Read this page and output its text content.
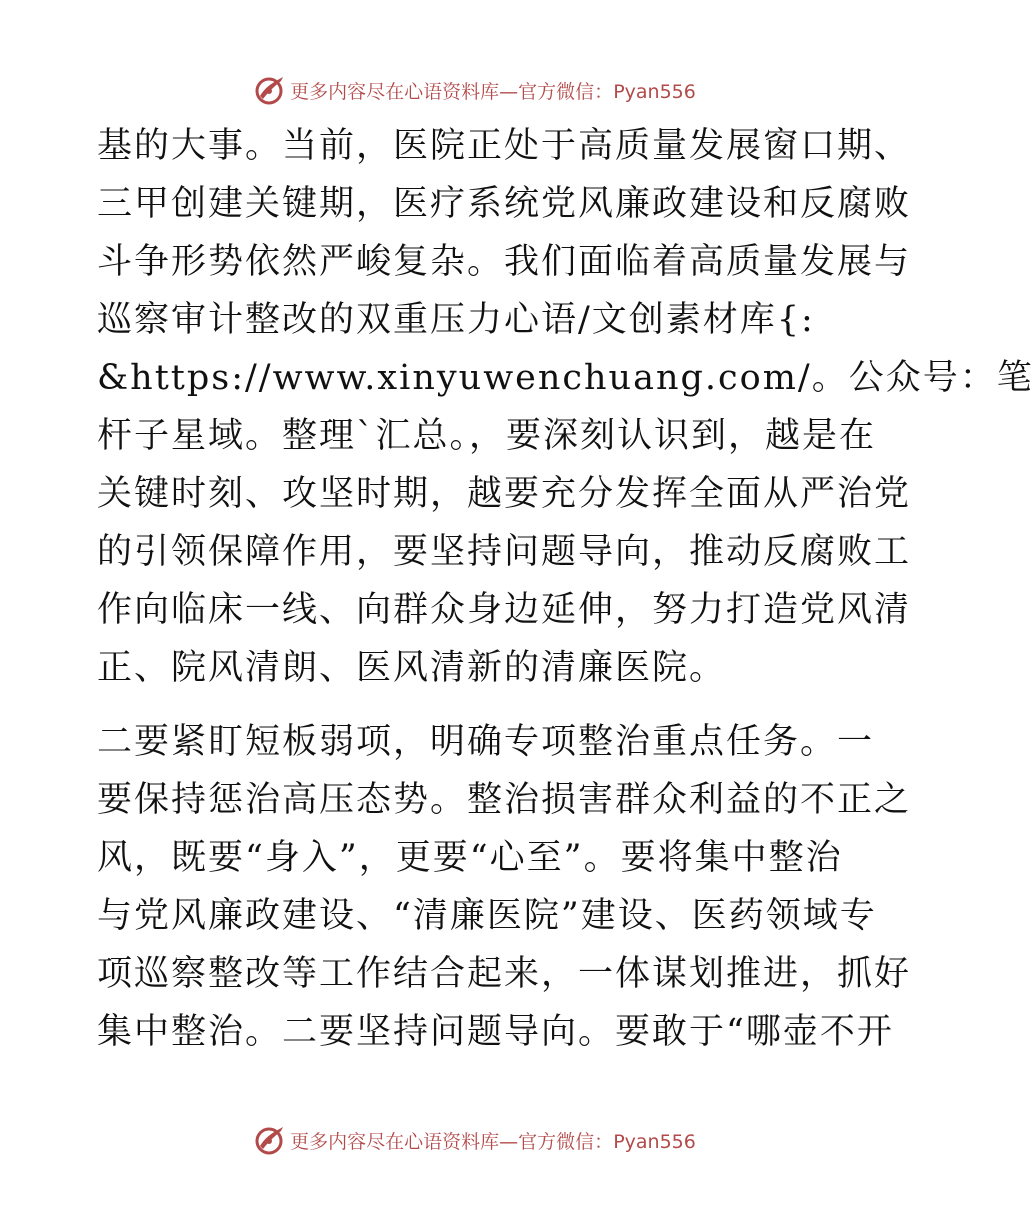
更多内容尽在心语资料库—官方微信：Pyan556
基的大事。当前，医院正处于高质量发展窗口期、
三甲创建关键期，医疗系统党风廉政建设和反腐败
斗争形势依然严峻复杂。我们面临着高质量发展与
巡察审计整改的双重压力心语/文创素材库{:
&https://www.xinyuwenchuang.com/。公众号：笔
杆子星域。整理`汇总。，要深刻认识到，越是在
关键时刻、攻坚时期，越要充分发挥全面从严治党
的引领保障作用，要坚持问题导向，推动反腐败工
作向临床一线、向群众身边延伸，努力打造党风清
正、院风清朗、医风清新的清廉医院。
二要紧盯短板弱项，明确专项整治重点任务。一
要保持惩治高压态势。整治损害群众利益的不正之
风，既要“身入”，更要“心至”。要将集中整治
与党风廉政建设、“清廉医院”建设、医药领域专
项巡察整改等工作结合起来，一体谋划推进，抓好
集中整治。二要坚持问题导向。要敢于“哪壶不开
更多内容尽在心语资料库—官方微信：Pyan556
